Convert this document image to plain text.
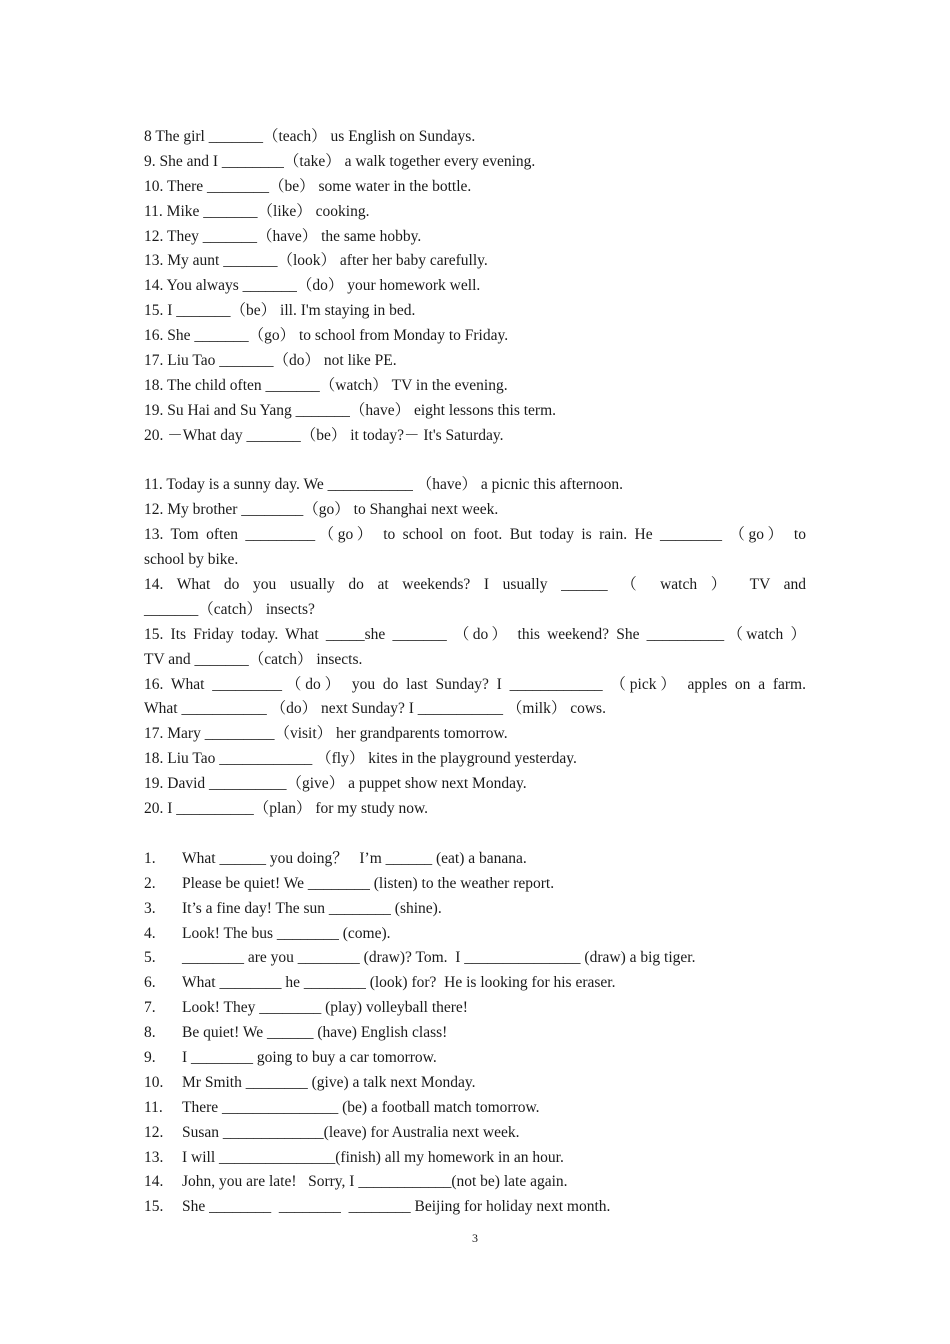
8 The girl _______（teach） us English on Sundays.
9. She and I ________（take） a walk together every evening.
10. There ________（be） some water in the bottle.
11. Mike _______（like） cooking.
12. They _______（have） the same hobby.
13. My aunt _______（look） after her baby carefully.
14. You always _______（do） your homework well.
15. I _______（be） ill. I'm staying in bed.
16. She _______（go） to school from Monday to Friday.
17. Liu Tao _______（do） not like PE.
18. The child often _______（watch） TV in the evening.
19. Su Hai and Su Yang _______（have） eight lessons this term.
20. －What day _______（be） it today?－ It's Saturday.
11. Today is a sunny day. We ___________ （have） a picnic this afternoon.
12. My brother ________（go） to Shanghai next week.
13. Tom often _________（go） to school on foot. But today is rain. He ________ （go） to
school by bike.
14. What do you usually do at weekends? I usually ______ （ watch ） TV and
_______（catch） insects?
15. Its Friday today. What _____she _______ （do） this weekend? She __________（watch ）
TV and _______（catch） insects.
16. What _________（do） you do last Sunday? I ____________ （pick） apples on a farm.
What ___________ （do） next Sunday? I ___________ （milk） cows.
17. Mary _________（visit） her grandparents tomorrow.
18. Liu Tao ____________ （fly） kites in the playground yesterday.
19. David __________（give） a puppet show next Monday.
20. I __________（plan） for my study now.
1.	What ______ you doing？   I’m ______ (eat) a banana.
2.	Please be quiet! We ________ (listen) to the weather report.
3.	It’s a fine day! The sun ________ (shine).
4.	Look! The bus ________ (come).
5.	________ are you ________ (draw)? Tom.  I _______________ (draw) a big tiger.
6.	What ________ he ________ (look) for?  He is looking for his eraser.
7.	Look! They ________ (play) volleyball there!
8.	Be quiet! We ______ (have) English class!
9.	I ________ going to buy a car tomorrow.
10.	Mr Smith ________ (give) a talk next Monday.
11.	There _______________ (be) a football match tomorrow.
12.	Susan _____________(leave) for Australia next week.
13.	I will _______________(finish) all my homework in an hour.
14.	John, you are late!   Sorry, I ____________(not be) late again.
15.	She ________  ________  ________ Beijing for holiday next month.
3
